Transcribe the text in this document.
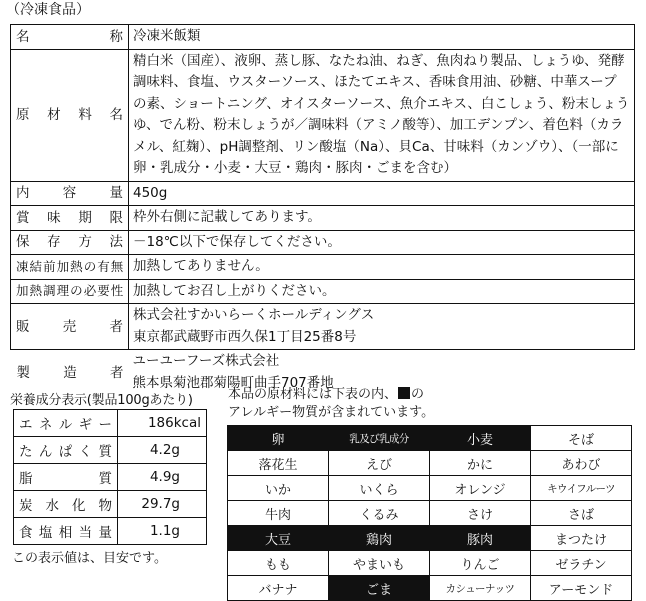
（冷凍食品）
名　　　　称	冷凍米飯類
原　材　料　名	精白米（国産）、液卵、蒸し豚、なたね油、ねぎ、魚肉ねり製品、しょうゆ、発酵調味料、食塩、ウスターソース、ほたてエキス、香味食用油、砂糖、中華スープの素、ショートニング、オイスターソース、魚介エキス、白こしょう、粉末しょうゆ、でん粉、粉末しょうが／調味料（アミノ酸等）、加工デンプン、着色料（カラメル、紅麹）、pH調整剤、リン酸塩（Na）、貝Ca、甘味料（カンゾウ）、（一部に卵・乳成分・小麦・大豆・鶏肉・豚肉・ごまを含む）
内　容　量	450g
賞　味　期　限	枠外右側に記載してあります。
保　存　方　法	－18℃以下で保存してください。
凍結前加熱の有無	加熱してありません。
加熱調理の必要性	加熱してお召し上がりください。
販　　売　　者	株式会社すかいらーくホールディングス
東京都武蔵野市西久保1丁目25番8号

製　　造　　者	ユーユーフーズ株式会社
熊本県菊池郡菊陽町曲手707番地
栄養成分表示(製品100gあたり)
エネルギー	186kcal
たんぱく質	4.2g
脂　　質	4.9g
炭水化物	29.7g
食塩相当量	1.1g
この表示値は、目安です。
本品の原材料には下表の内、 の
アレルギー物質が含まれています。
卵	乳及び乳成分	小麦	そば
落花生	えび	かに	あわび
いか	いくら	オレンジ	キウイフルーツ
牛肉	くるみ	さけ	さば
大豆	鶏肉	豚肉	まつたけ
もも	やまいも	りんご	ゼラチン
バナナ	ごま	カシューナッツ	アーモンド
